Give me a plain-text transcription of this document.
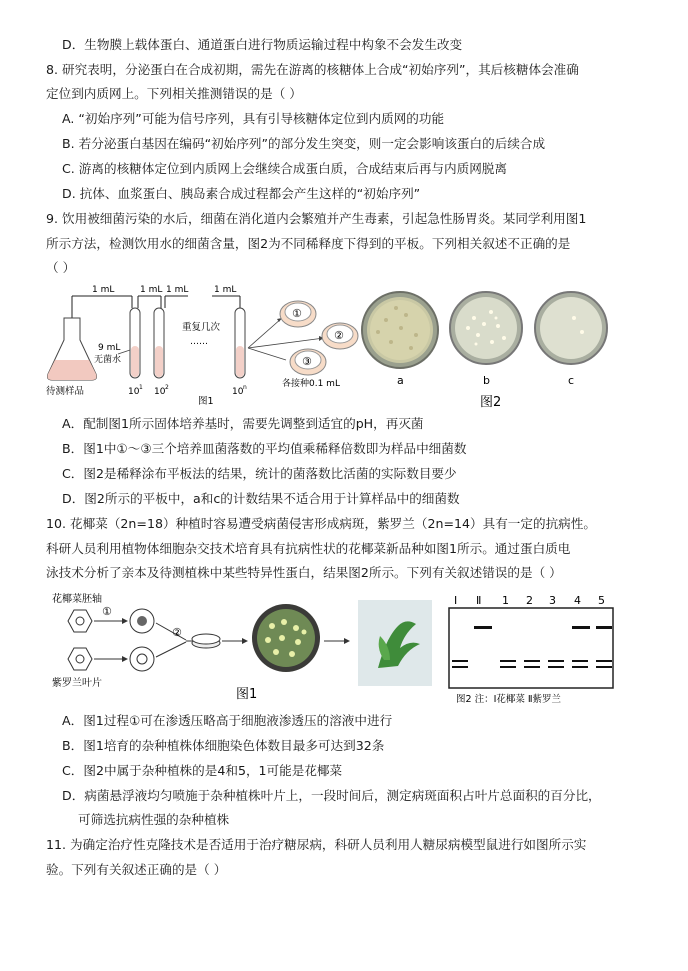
D．生物膜上载体蛋白、通道蛋白进行物质运输过程中构象不会发生改变
8. 研究表明，分泌蛋白在合成初期，需先在游离的核糖体上合成“初始序列”，其后核糖体会准确
定位到内质网上。下列相关推测错误的是（ ）
A. “初始序列”可能为信号序列，具有引导核糖体定位到内质网的功能
B. 若分泌蛋白基因在编码“初始序列”的部分发生突变，则一定会影响该蛋白的后续合成
C. 游离的核糖体定位到内质网上会继续合成蛋白质，合成结束后再与内质网脱离
D. 抗体、血浆蛋白、胰岛素合成过程都会产生这样的“初始序列”
9. 饮用被细菌污染的水后，细菌在消化道内会繁殖并产生毒素，引起急性肠胃炎。某同学利用图1
所示方法，检测饮用水的细菌含量，图2为不同稀释度下得到的平板。下列相关叙述不正确的是
（ ）
1 mL	1 mL 1 mL	1 mL
待测样品
9 mL
无菌水
10 1 10 2	10 n
重复几次
……
①
②
③
各接种0.1 mL
图1
a	b	c
图2
A．配制图1所示固体培养基时，需要先调整到适宜的pH，再灭菌
B．图1中①～③三个培养皿菌落数的平均值乘稀释倍数即为样品中细菌数
C．图2是稀释涂布平板法的结果，统计的菌落数比活菌的实际数目要少
D．图2所示的平板中，a和c的计数结果不适合用于计算样品中的细菌数
10. 花椰菜（2n=18）种植时容易遭受病菌侵害形成病斑，紫罗兰（2n=14）具有一定的抗病性。
科研人员利用植物体细胞杂交技术培育具有抗病性状的花椰菜新品种如图1所示。通过蛋白质电
泳技术分析了亲本及待测植株中某些特异性蛋白，结果图2所示。下列有关叙述错误的是（ ）
花椰菜胚轴
①
②
紫罗兰叶片
图1
Ⅰ Ⅱ 1 2 3 4 5
图2 注：Ⅰ花椰菜 Ⅱ紫罗兰
A．图1过程①可在渗透压略高于细胞液渗透压的溶液中进行
B．图1培育的杂种植株体细胞染色体数目最多可达到32条
C．图2中属于杂种植株的是4和5，1可能是花椰菜
D．病菌悬浮液均匀喷施于杂种植株叶片上，一段时间后，测定病斑面积占叶片总面积的百分比，
可筛选抗病性强的杂种植株
11. 为确定治疗性克隆技术是否适用于治疗糖尿病，科研人员利用人糖尿病模型鼠进行如图所示实
验。下列有关叙述正确的是（ ）
